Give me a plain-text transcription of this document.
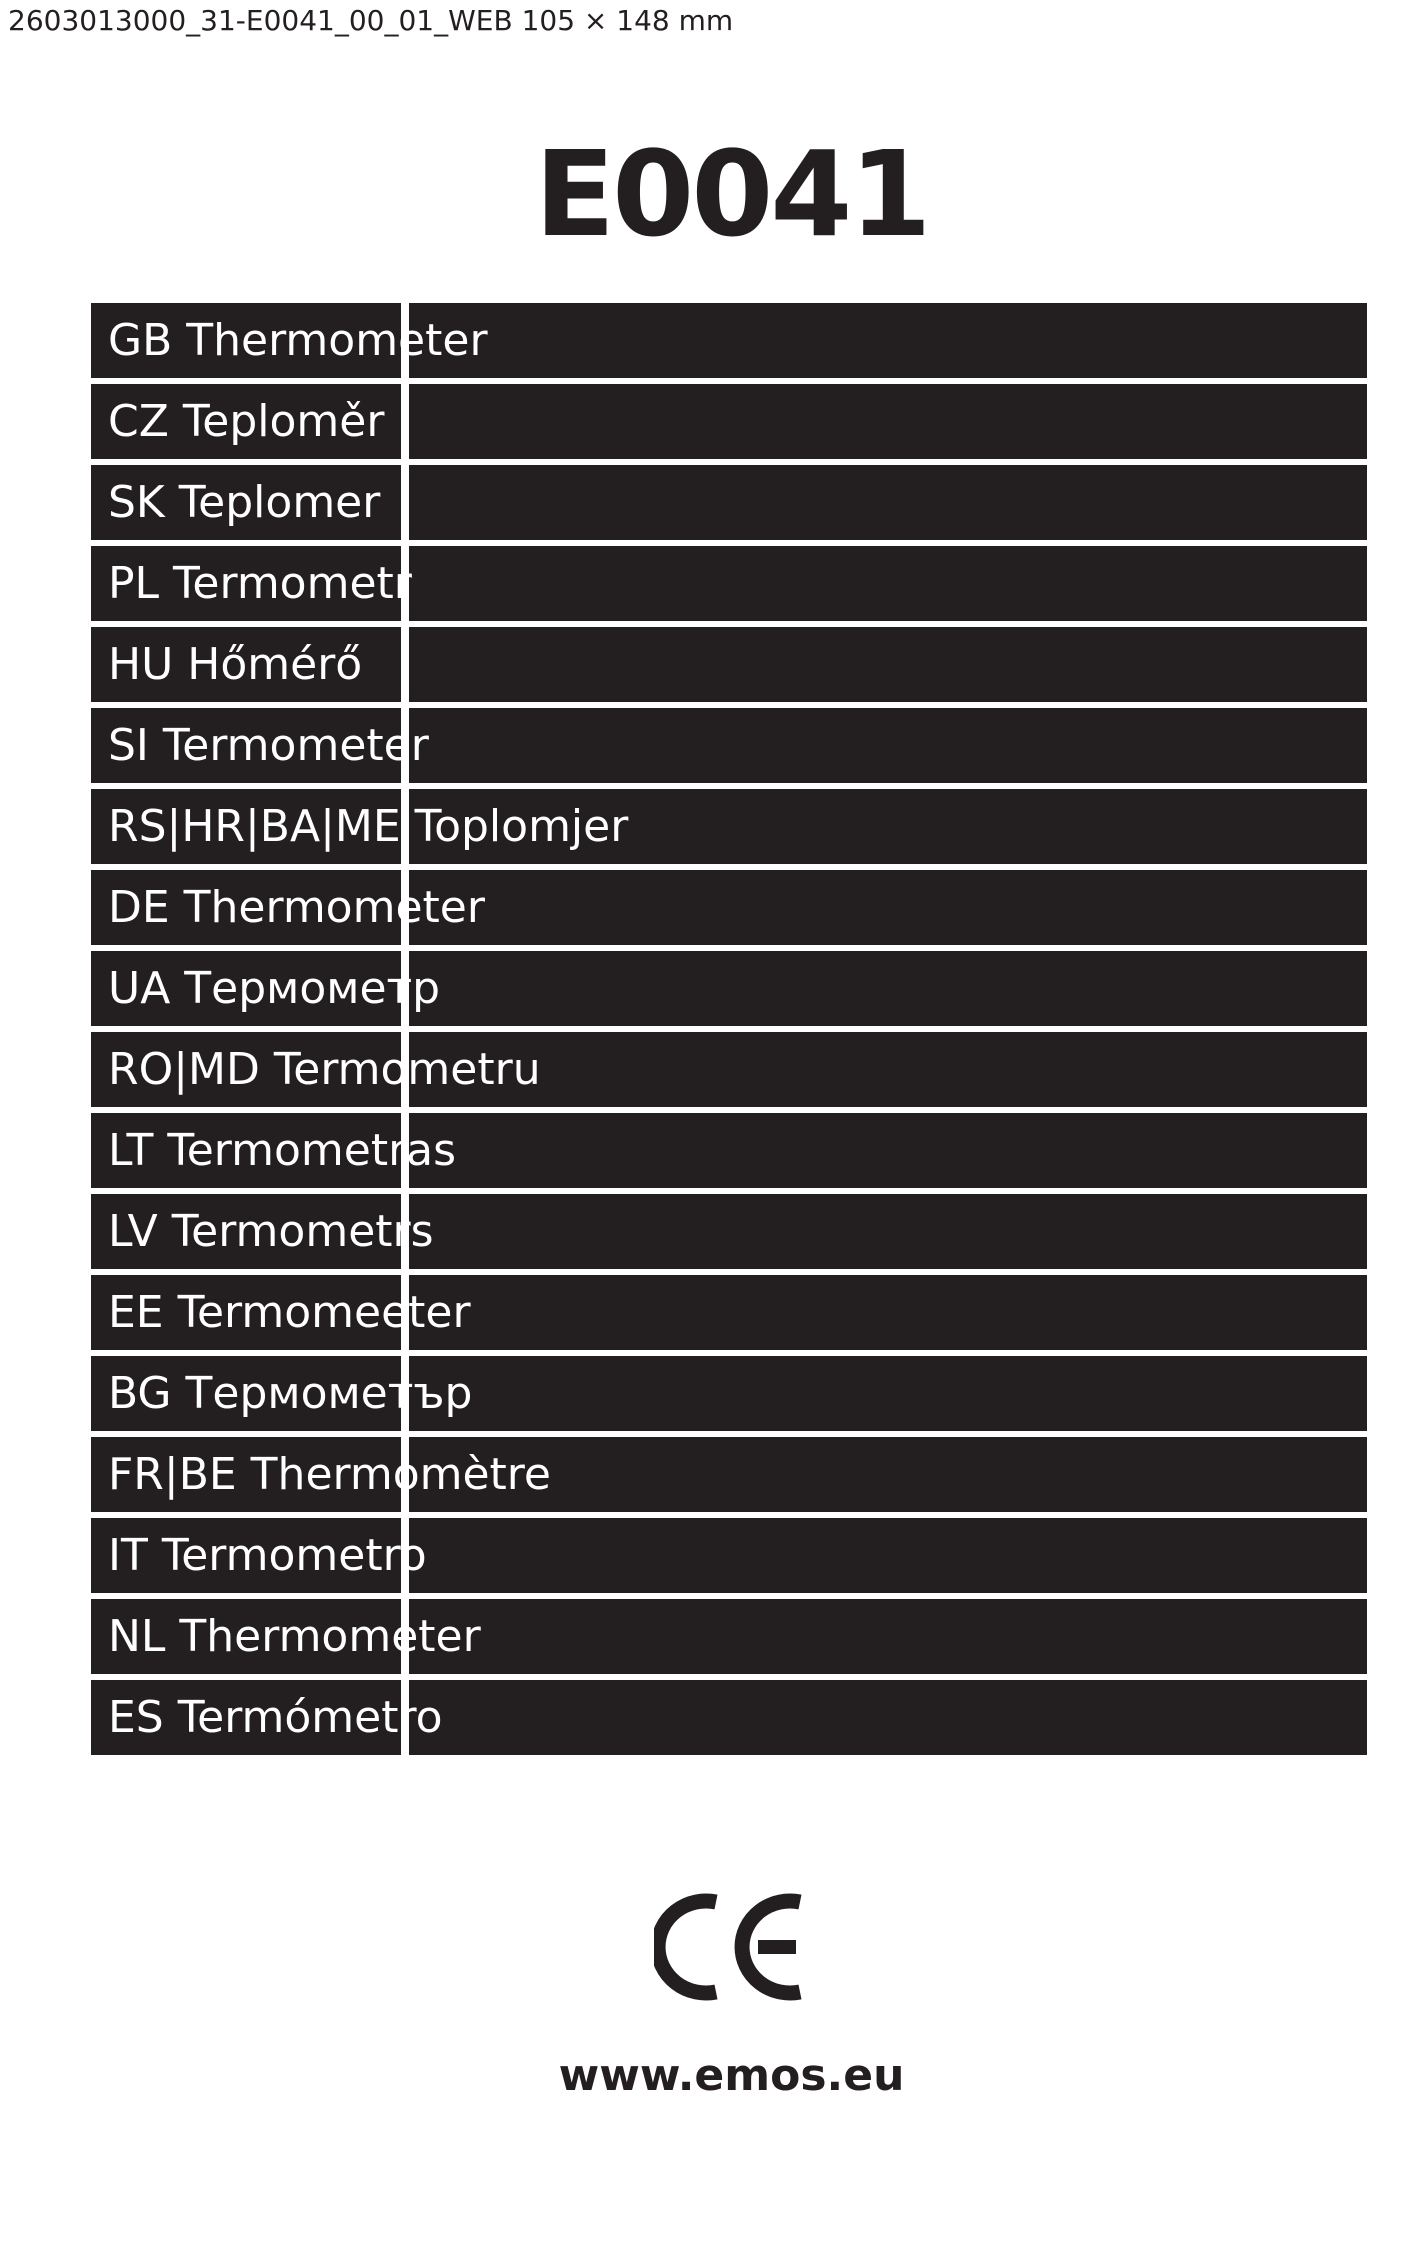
2603013000_31-E0041_00_01_WEB 105 × 148 mm
E0041
GB Thermometer
CZ Teploměr
SK Teplomer
PL Termometr
HU Hőmérő
SI Termometer
RS|HR|BA|ME Toplomjer
DE Thermometer
UA Термометр
RO|MD Termometru
LT Termometras
LV Termometrs
EE Termomeeter
BG Термометър
FR|BE Thermomètre
IT Termometro
NL Thermometer
ES Termómetro
www.emos.eu
